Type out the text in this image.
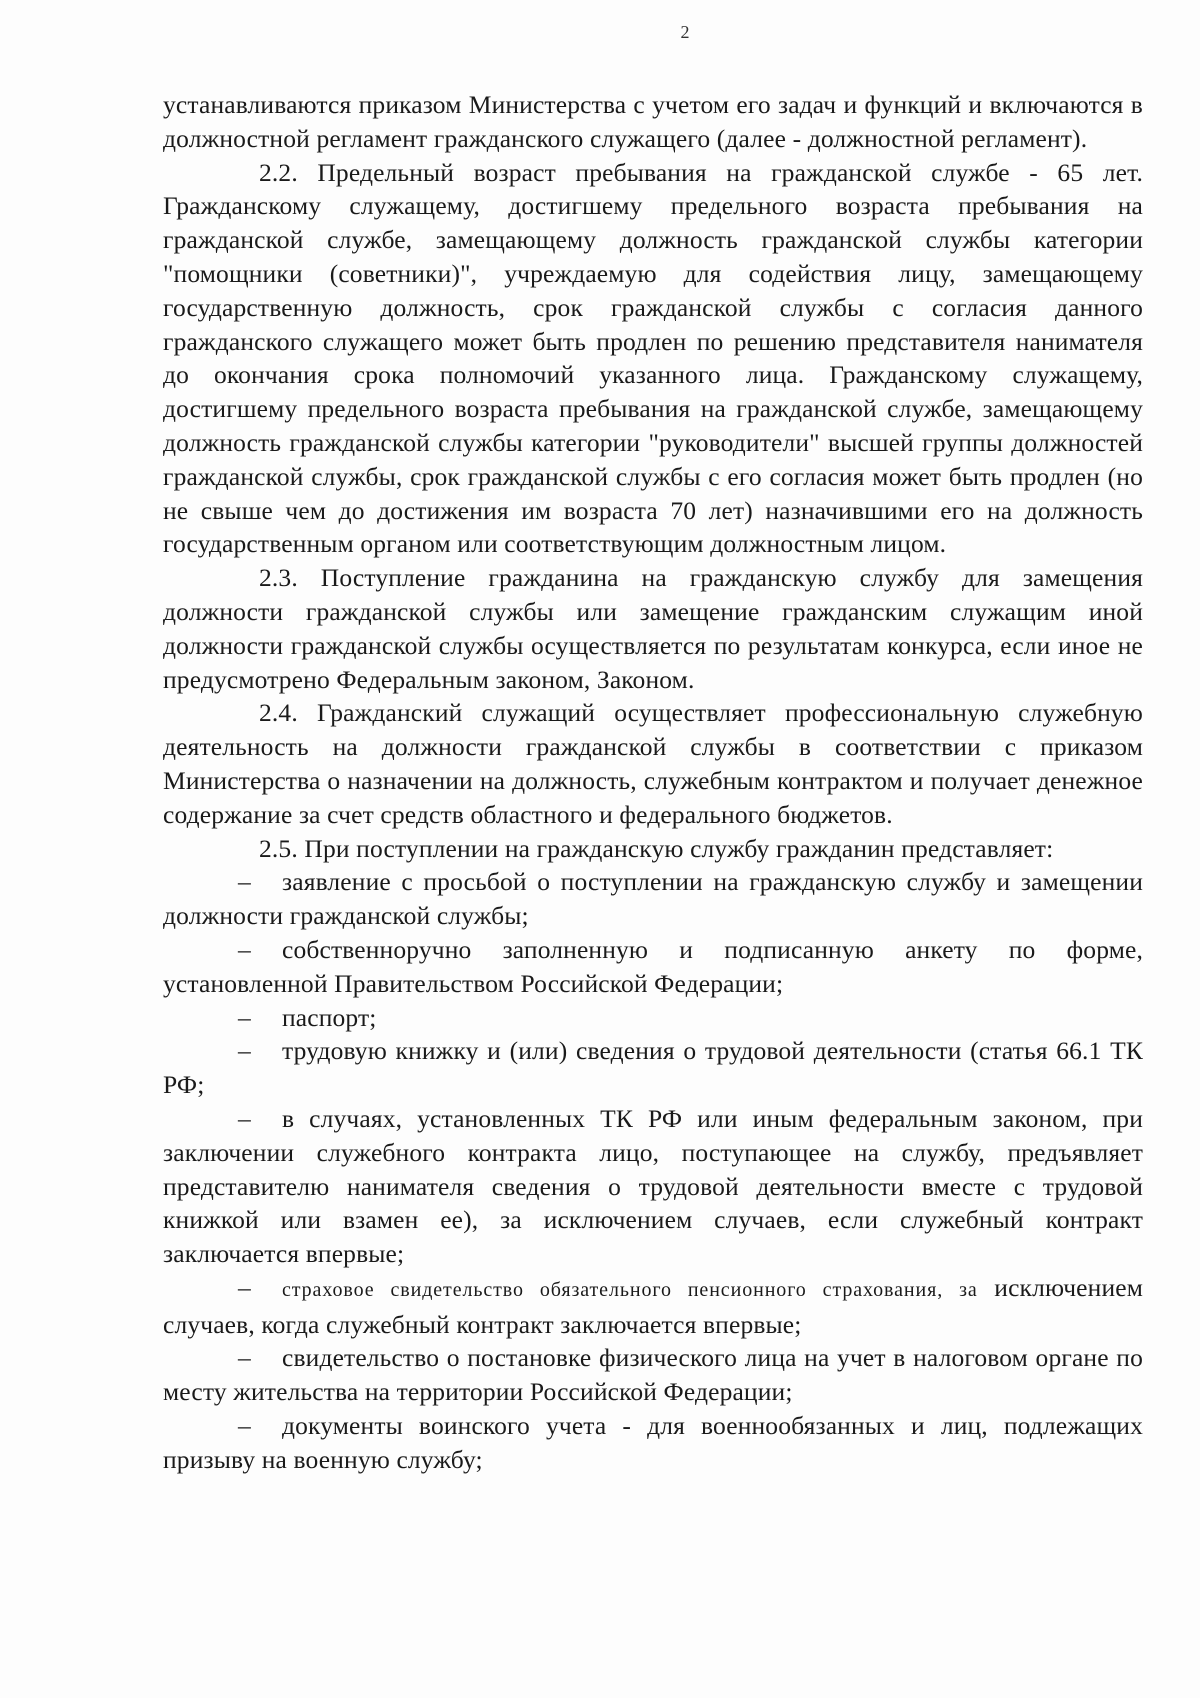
2

устанавливаются приказом Министерства с учетом его задач и функций и включаются в должностной регламент гражданского служащего (далее - должностной регламент).

2.2. Предельный возраст пребывания на гражданской службе - 65 лет. Гражданскому служащему, достигшему предельного возраста пребывания на гражданской службе, замещающему должность гражданской службы категории "помощники (советники)", учреждаемую для содействия лицу, замещающему государственную должность, срок гражданской службы с согласия данного гражданского служащего может быть продлен по решению представителя нанимателя до окончания срока полномочий указанного лица. Гражданскому служащему, достигшему предельного возраста пребывания на гражданской службе, замещающему должность гражданской службы категории "руководители" высшей группы должностей гражданской службы, срок гражданской службы с его согласия может быть продлен (но не свыше чем до достижения им возраста 70 лет) назначившими его на должность государственным органом или соответствующим должностным лицом.

2.3. Поступление гражданина на гражданскую службу для замещения должности гражданской службы или замещение гражданским служащим иной должности гражданской службы осуществляется по результатам конкурса, если иное не предусмотрено Федеральным законом, Законом.

2.4. Гражданский служащий осуществляет профессиональную служебную деятельность на должности гражданской службы в соответствии с приказом Министерства о назначении на должность, служебным контрактом и получает денежное содержание за счет средств областного и федерального бюджетов.

2.5. При поступлении на гражданскую службу гражданин представляет:

– заявление с просьбой о поступлении на гражданскую службу и замещении должности гражданской службы;

– собственноручно заполненную и подписанную анкету по форме, установленной Правительством Российской Федерации;

– паспорт;

– трудовую книжку и (или) сведения о трудовой деятельности (статья 66.1 ТК РФ;

– в случаях, установленных ТК РФ или иным федеральным законом, при заключении служебного контракта лицо, поступающее на службу, предъявляет представителю нанимателя сведения о трудовой деятельности вместе с трудовой книжкой или взамен ее), за исключением случаев, если служебный контракт заключается впервые;

– страховое свидетельство обязательного пенсионного страхования, за исключением случаев, когда служебный контракт заключается впервые;

– свидетельство о постановке физического лица на учет в налоговом органе по месту жительства на территории Российской Федерации;

– документы воинского учета - для военнообязанных и лиц, подлежащих призыву на военную службу;
